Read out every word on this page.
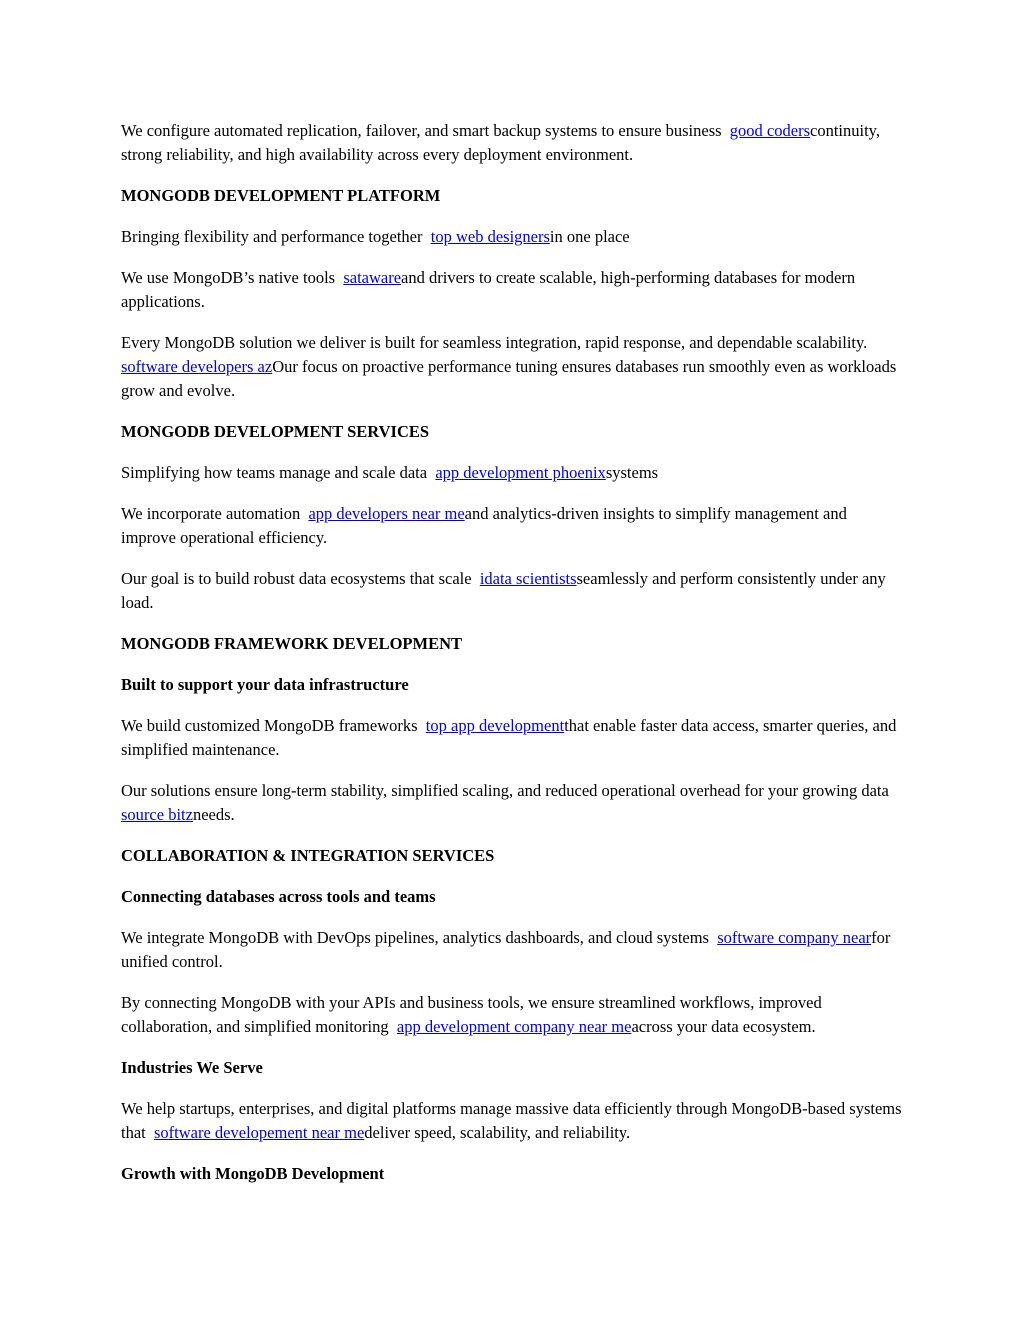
We configure automated replication, failover, and smart backup systems to ensure business  good coderscontinuity, strong reliability, and high availability across every deployment environment.

MONGODB DEVELOPMENT PLATFORM

Bringing flexibility and performance together  top web designersin one place

We use MongoDB’s native tools  satawareand drivers to create scalable, high-performing databases for modern applications.

Every MongoDB solution we deliver is built for seamless integration, rapid response, and dependable scalability.  software developers azOur focus on proactive performance tuning ensures databases run smoothly even as workloads grow and evolve.

MONGODB DEVELOPMENT SERVICES

Simplifying how teams manage and scale data  app development phoenixsystems

We incorporate automation  app developers near meand analytics-driven insights to simplify management and improve operational efficiency.

Our goal is to build robust data ecosystems that scale  idata scientistsseamlessly and perform consistently under any load.

MONGODB FRAMEWORK DEVELOPMENT
Built to support your data infrastructure

We build customized MongoDB frameworks  top app developmentthat enable faster data access, smarter queries, and simplified maintenance.

Our solutions ensure long-term stability, simplified scaling, and reduced operational overhead for your growing data  source bitzneeds.

COLLABORATION & INTEGRATION SERVICES
Connecting databases across tools and teams

We integrate MongoDB with DevOps pipelines, analytics dashboards, and cloud systems  software company nearfor unified control.

By connecting MongoDB with your APIs and business tools, we ensure streamlined workflows, improved collaboration, and simplified monitoring  app development company near meacross your data ecosystem.

Industries We Serve

We help startups, enterprises, and digital platforms manage massive data efficiently through MongoDB-based systems that  software developement near medeliver speed, scalability, and reliability.

Growth with MongoDB Development
